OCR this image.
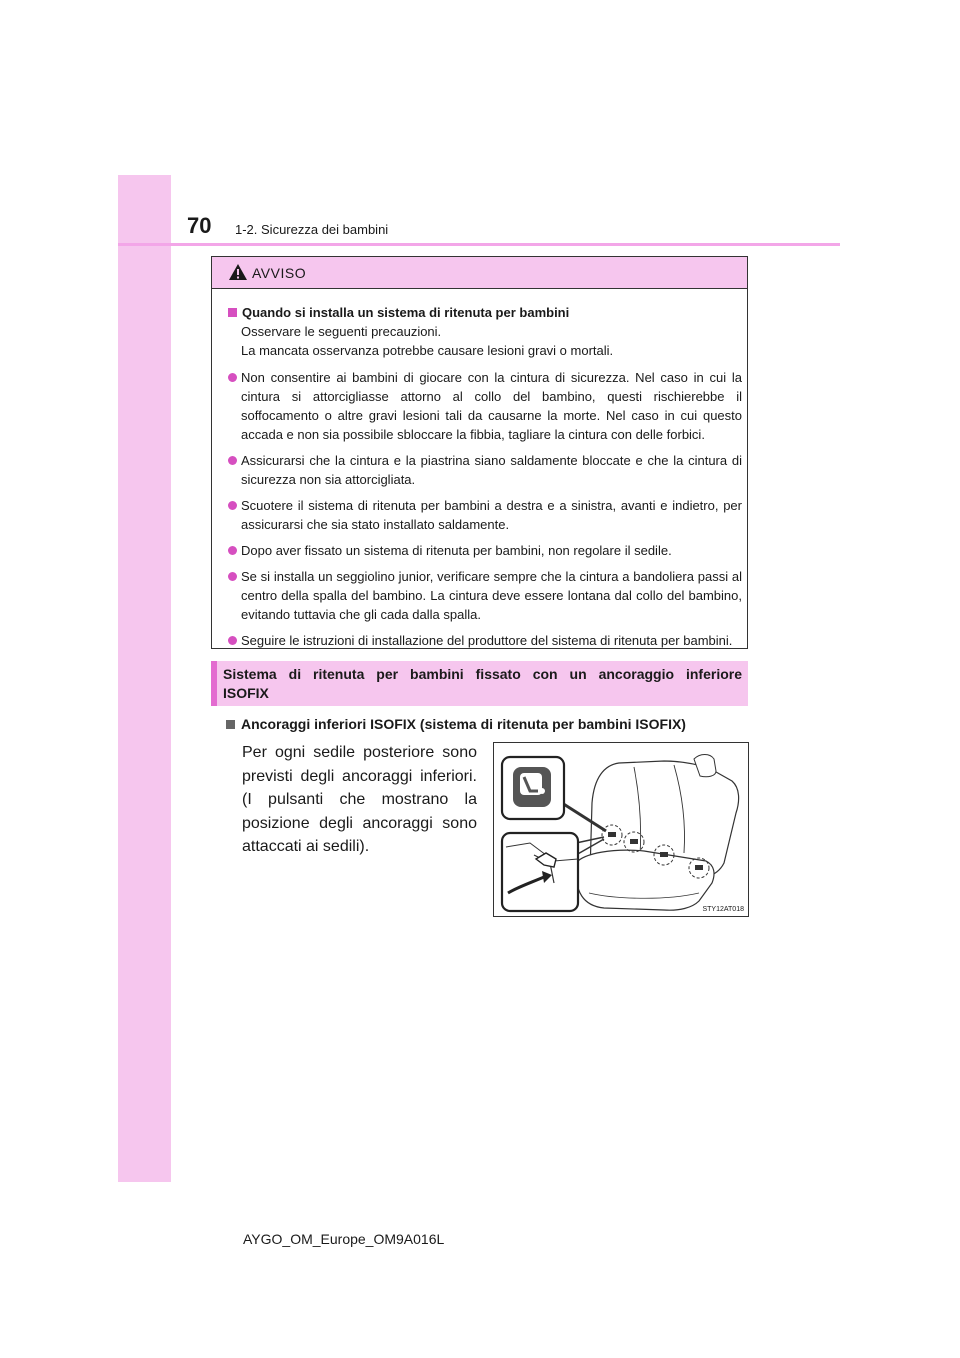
70 1-2. Sicurezza dei bambini
AVVISO
Quando si installa un sistema di ritenuta per bambini
Osservare le seguenti precauzioni.
La mancata osservanza potrebbe causare lesioni gravi o mortali.
Non consentire ai bambini di giocare con la cintura di sicurezza. Nel caso in cui la cintura si attorcigliasse attorno al collo del bambino, questi rischierebbe il soffocamento o altre gravi lesioni tali da causarne la morte. Nel caso in cui questo accada e non sia possibile sbloccare la fibbia, tagliare la cintura con delle forbici.
Assicurarsi che la cintura e la piastrina siano saldamente bloccate e che la cintura di sicurezza non sia attorcigliata.
Scuotere il sistema di ritenuta per bambini a destra e a sinistra, avanti e indietro, per assicurarsi che sia stato installato saldamente.
Dopo aver fissato un sistema di ritenuta per bambini, non regolare il sedile.
Se si installa un seggiolino junior, verificare sempre che la cintura a bandoliera passi al centro della spalla del bambino. La cintura deve essere lontana dal collo del bambino, evitando tuttavia che gli cada dalla spalla.
Seguire le istruzioni di installazione del produttore del sistema di ritenuta per bambini.
Sistema di ritenuta per bambini fissato con un ancoraggio inferiore ISOFIX
Ancoraggi inferiori ISOFIX (sistema di ritenuta per bambini ISOFIX)
Per ogni sedile posteriore sono previsti degli ancoraggi inferiori. (I pulsanti che mostrano la posizione degli ancoraggi sono attaccati ai sedili).
STY12AT018
AYGO_OM_Europe_OM9A016L
